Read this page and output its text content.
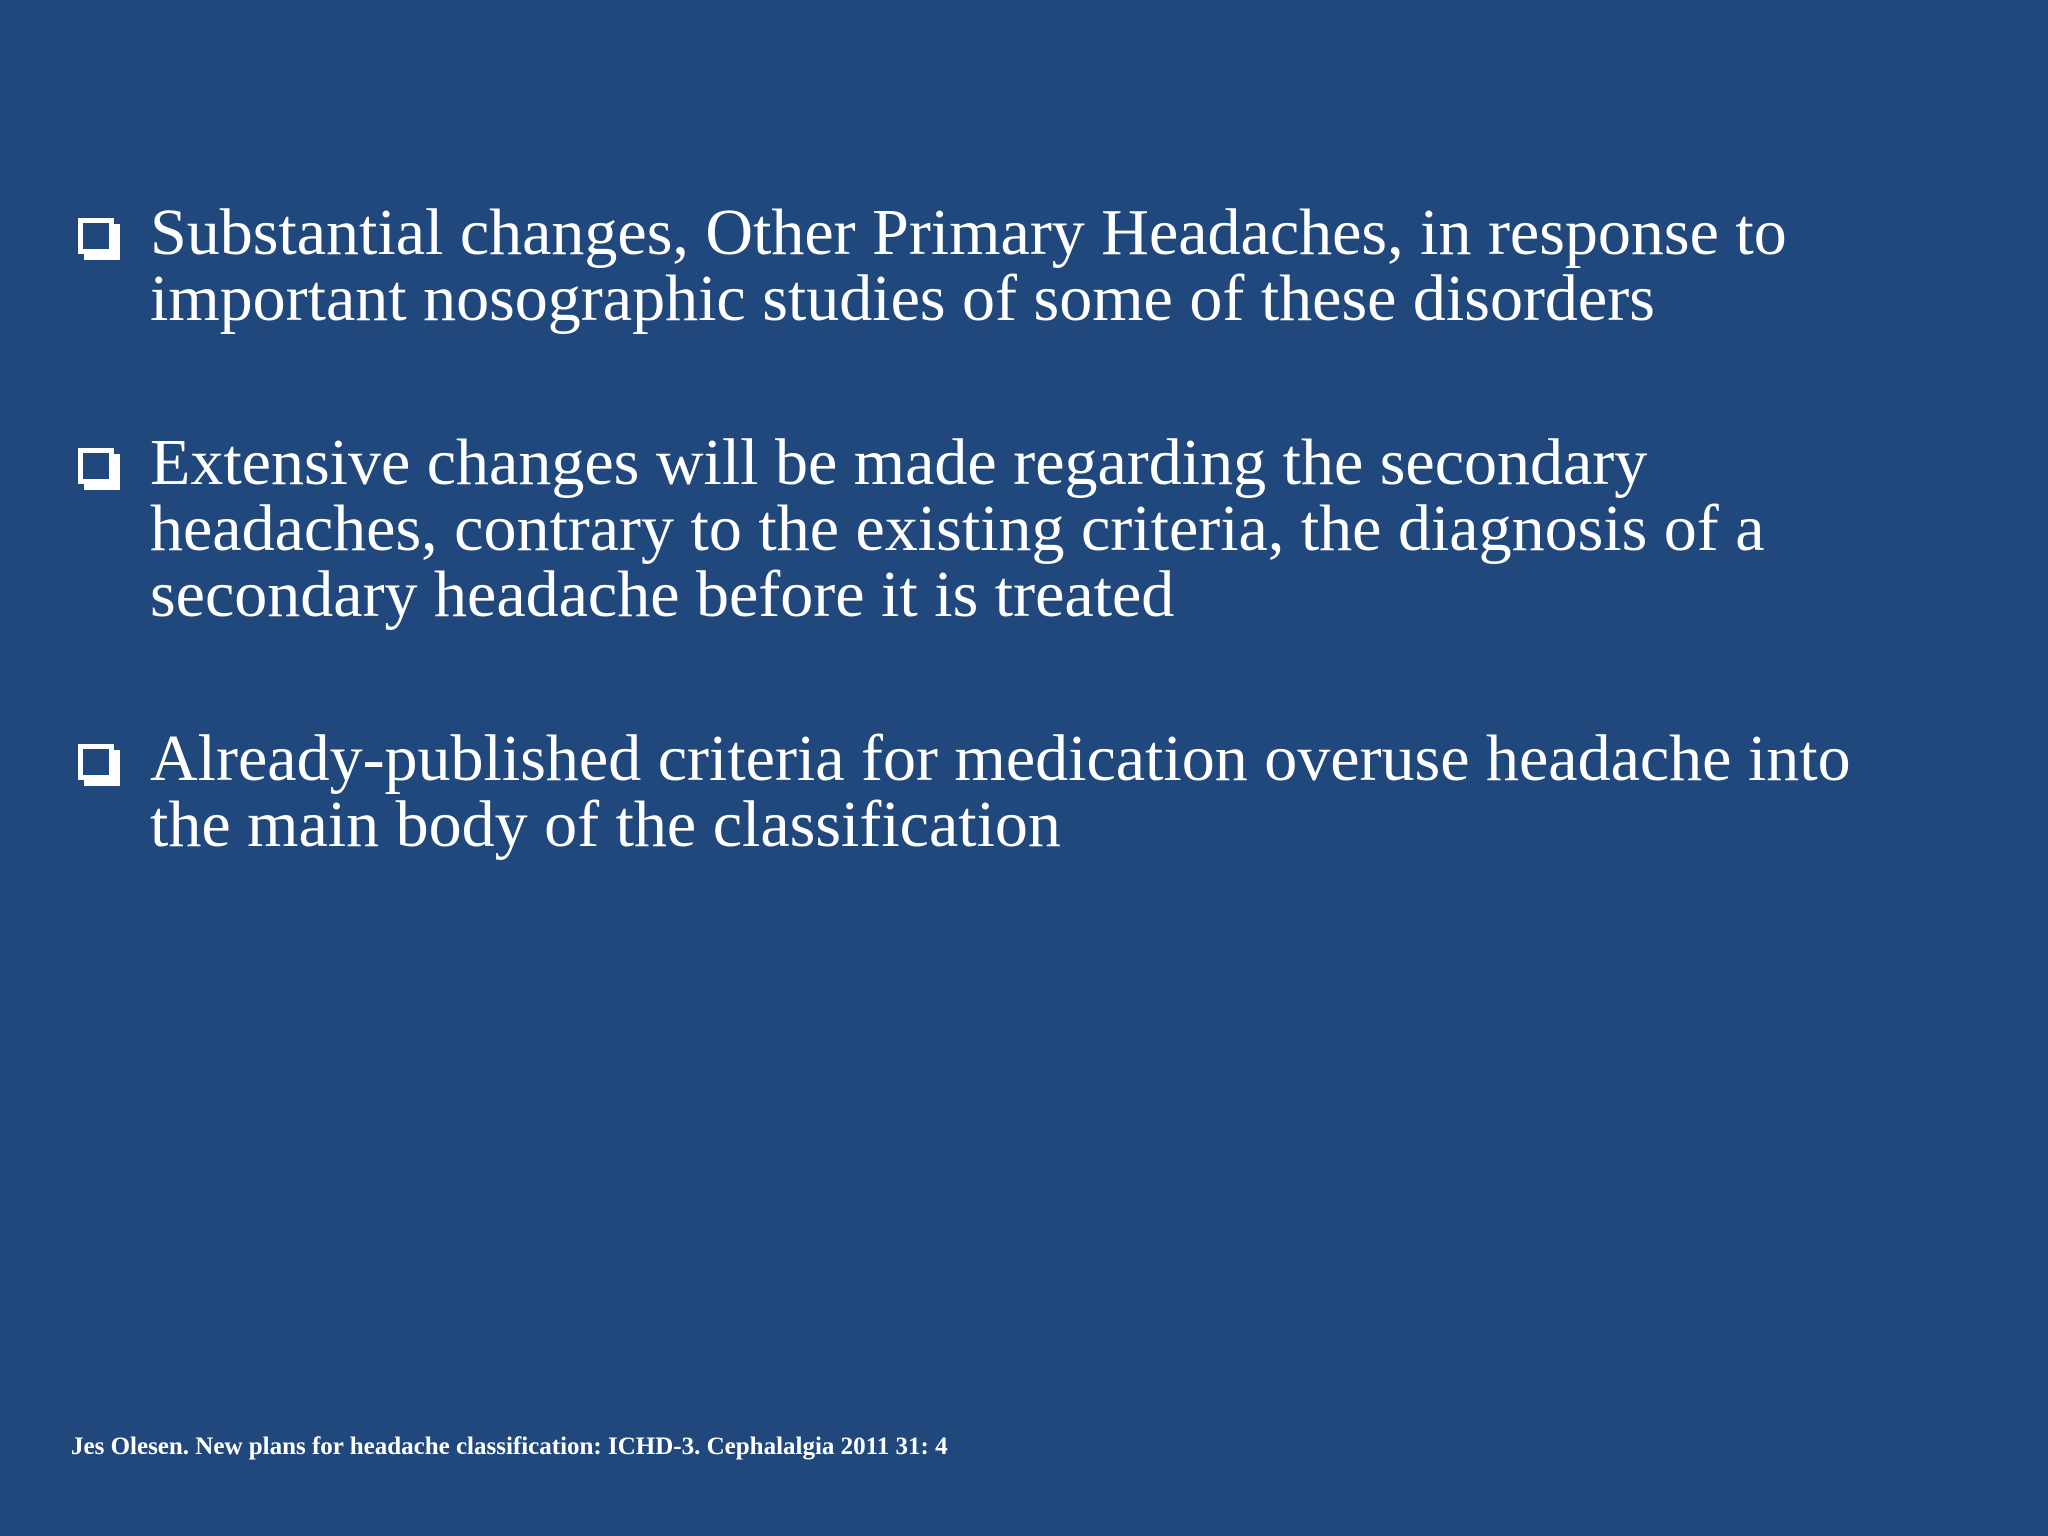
Substantial changes, Other Primary Headaches, in response to
important nosographic studies of some of these disorders
Extensive changes will be made regarding the secondary
headaches, contrary to the existing criteria, the diagnosis of a
secondary headache before it is treated
Already-published criteria for medication overuse headache into
the main body of the classification
Jes Olesen. New plans for headache classification: ICHD-3. Cephalalgia 2011 31: 4
